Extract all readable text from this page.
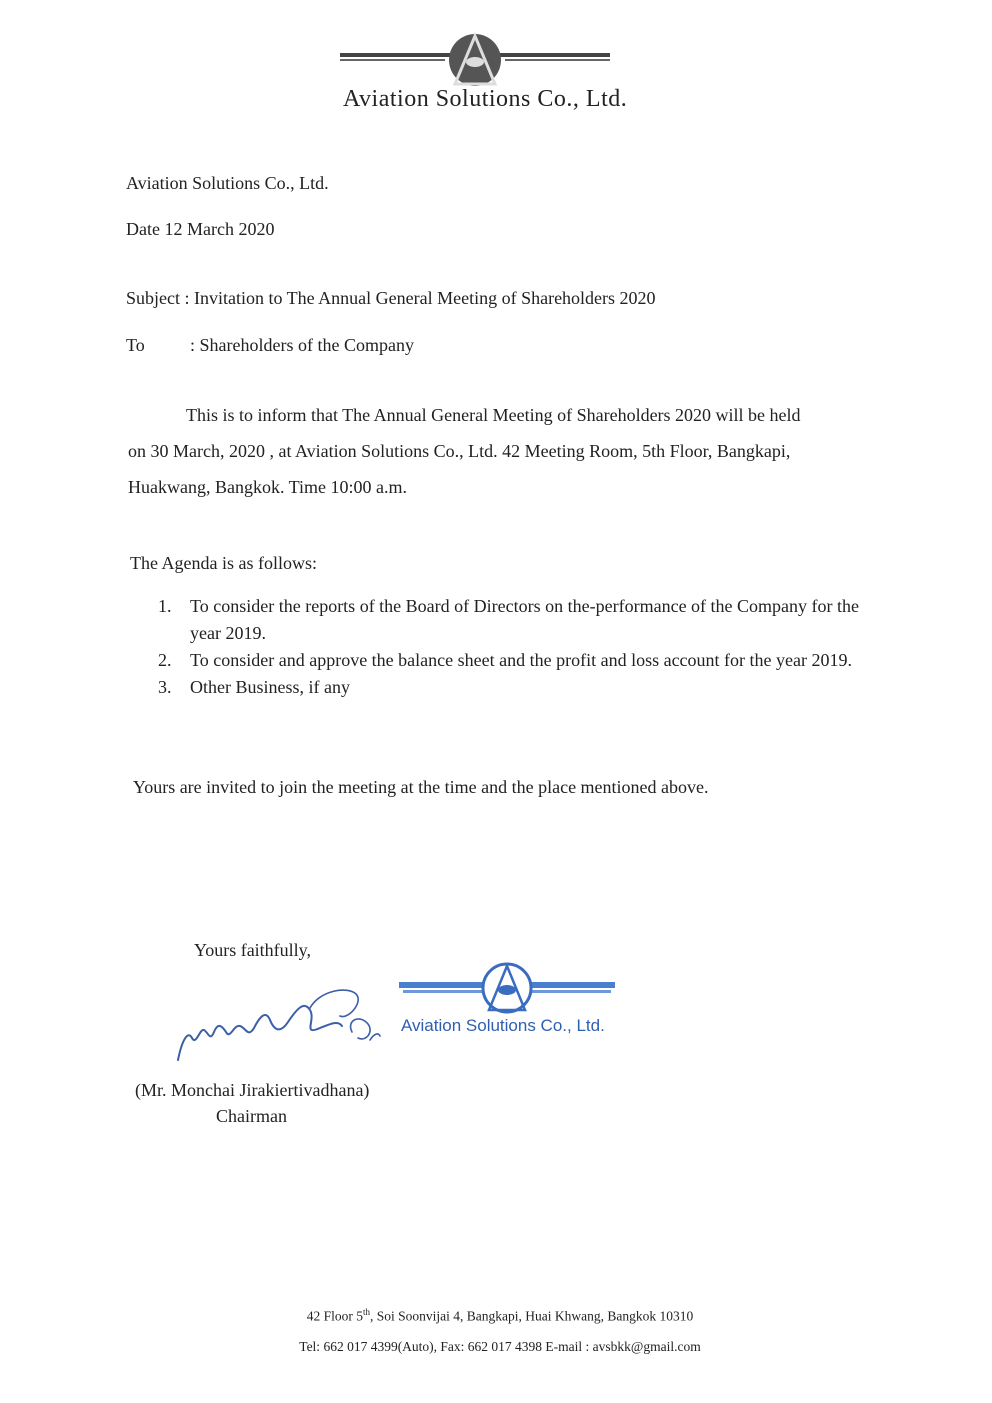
Aviation Solutions Co., Ltd.
Aviation Solutions Co., Ltd.
Date 12 March 2020
Subject : Invitation to The Annual General Meeting of Shareholders 2020
To	: Shareholders of the Company

This is to inform that The Annual General Meeting of Shareholders 2020 will be held

on 30 March, 2020 , at Aviation Solutions Co., Ltd. 42 Meeting Room, 5th Floor, Bangkapi,

Huakwang, Bangkok. Time 10:00 a.m.

The Agenda is as follows:
1.	To consider the reports of the Board of Directors on the-performance of the Company for the year 2019.
2.	To consider and approve the balance sheet and the profit and loss account for the year 2019.
3.	Other Business, if any
Yours are invited to join the meeting at the time and the place mentioned above.
Yours faithfully,
Aviation Solutions Co., Ltd.
(Mr. Monchai Jirakiertivadhana)
Chairman
42 Floor 5th, Soi Soonvijai 4, Bangkapi, Huai Khwang, Bangkok 10310
Tel: 662 017 4399(Auto), Fax: 662 017 4398 E-mail : avsbkk@gmail.com
